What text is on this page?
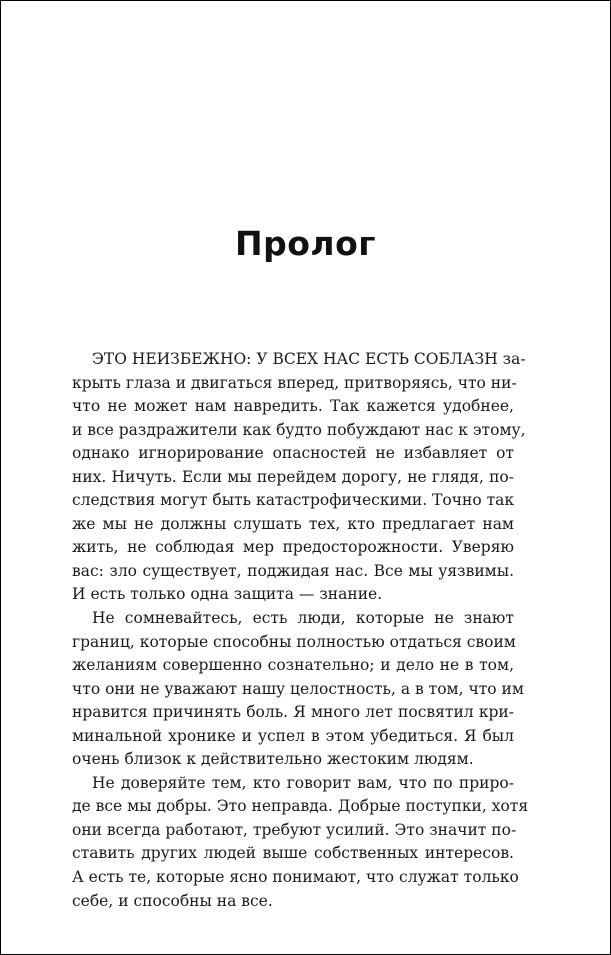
Пролог
ЭТО НЕИЗБЕЖНО: У ВСЕХ НАС ЕСТЬ СОБЛАЗН за-
крыть глаза и двигаться вперед, притворяясь, что ни-
что не может нам навредить. Так кажется удобнее,
и все раздражители как будто побуждают нас к этому,
однако игнорирование опасностей не избавляет от
них. Ничуть. Если мы перейдем дорогу, не глядя, по-
следствия могут быть катастрофическими. Точно так
же мы не должны слушать тех, кто предлагает нам
жить, не соблюдая мер предосторожности. Уверяю
вас: зло существует, поджидая нас. Все мы уязвимы.
И есть только одна защита — знание.
Не сомневайтесь, есть люди, которые не знают
границ, которые способны полностью отдаться своим
желаниям совершенно сознательно; и дело не в том,
что они не уважают нашу целостность, а в том, что им
нравится причинять боль. Я много лет посвятил кри-
минальной хронике и успел в этом убедиться. Я был
очень близок к действительно жестоким людям.
Не доверяйте тем, кто говорит вам, что по приро-
де все мы добры. Это неправда. Добрые поступки, хотя
они всегда работают, требуют усилий. Это значит по-
ставить других людей выше собственных интересов.
А есть те, которые ясно понимают, что служат только
себе, и способны на все.
